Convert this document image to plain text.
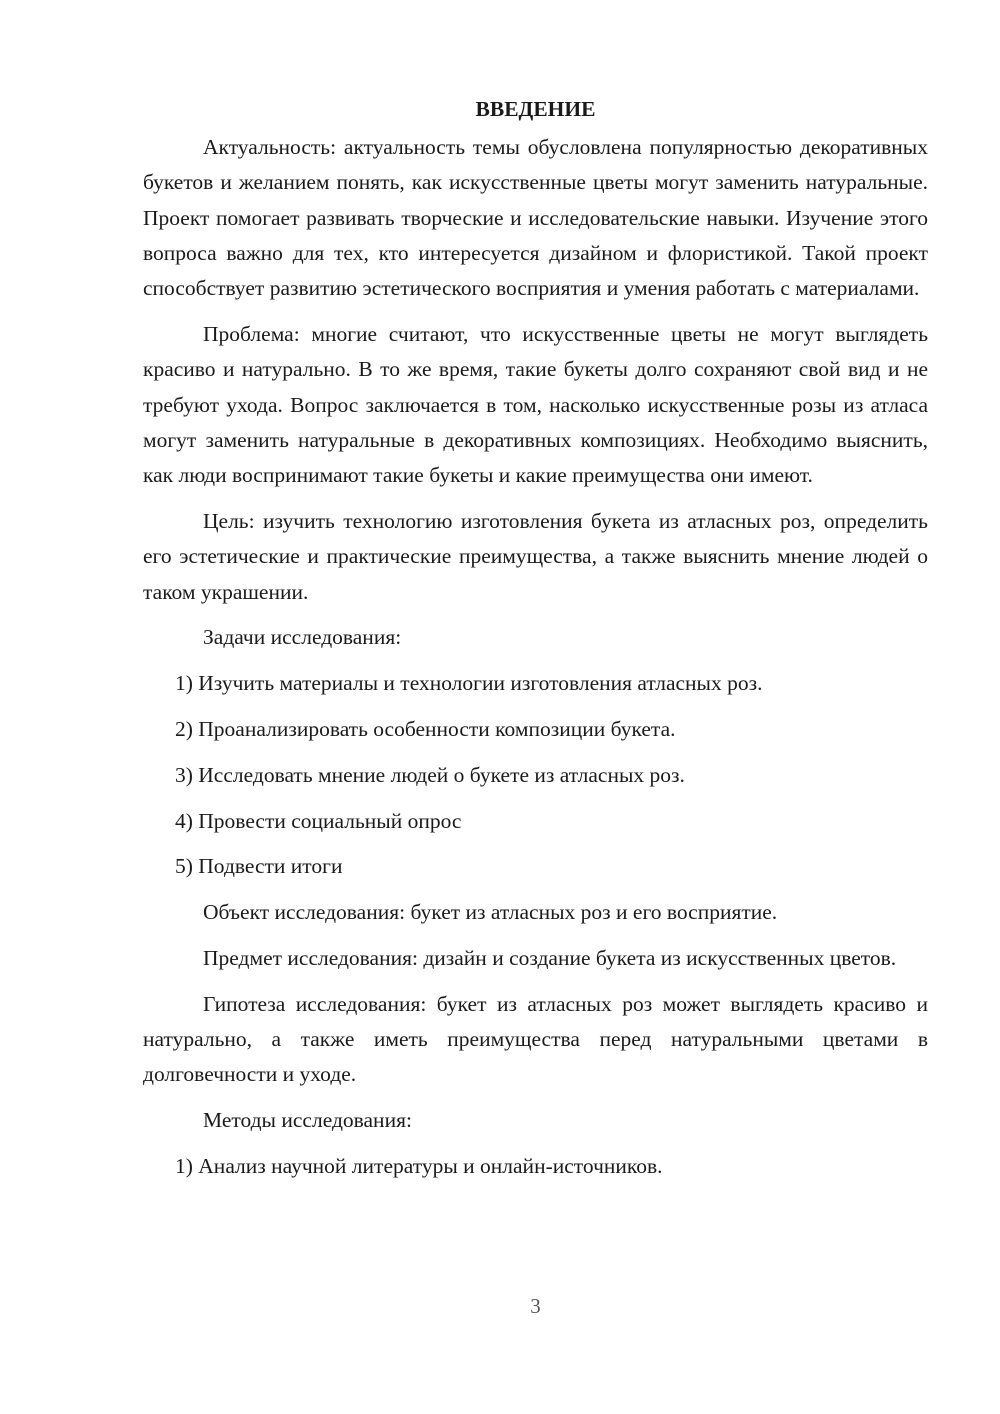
ВВЕДЕНИЕ

Актуальность: актуальность темы обусловлена популярностью декоративных букетов и желанием понять, как искусственные цветы могут заменить натуральные. Проект помогает развивать творческие и исследовательские навыки. Изучение этого вопроса важно для тех, кто интересуется дизайном и флористикой. Такой проект способствует развитию эстетического восприятия и умения работать с материалами.

Проблема: многие считают, что искусственные цветы не могут выглядеть красиво и натурально. В то же время, такие букеты долго сохраняют свой вид и не требуют ухода. Вопрос заключается в том, насколько искусственные розы из атласа могут заменить натуральные в декоративных композициях. Необходимо выяснить, как люди воспринимают такие букеты и какие преимущества они имеют.

Цель: изучить технологию изготовления букета из атласных роз, определить его эстетические и практические преимущества, а также выяснить мнение людей о таком украшении.

Задачи исследования:
1) Изучить материалы и технологии изготовления атласных роз.
2) Проанализировать особенности композиции букета.
3) Исследовать мнение людей о букете из атласных роз.
4) Провести социальный опрос
5) Подвести итоги

Объект исследования: букет из атласных роз и его восприятие.

Предмет исследования: дизайн и создание букета из искусственных цветов.

Гипотеза исследования: букет из атласных роз может выглядеть красиво и натурально, а также иметь преимущества перед натуральными цветами в долговечности и уходе.

Методы исследования:
1) Анализ научной литературы и онлайн-источников.
3
